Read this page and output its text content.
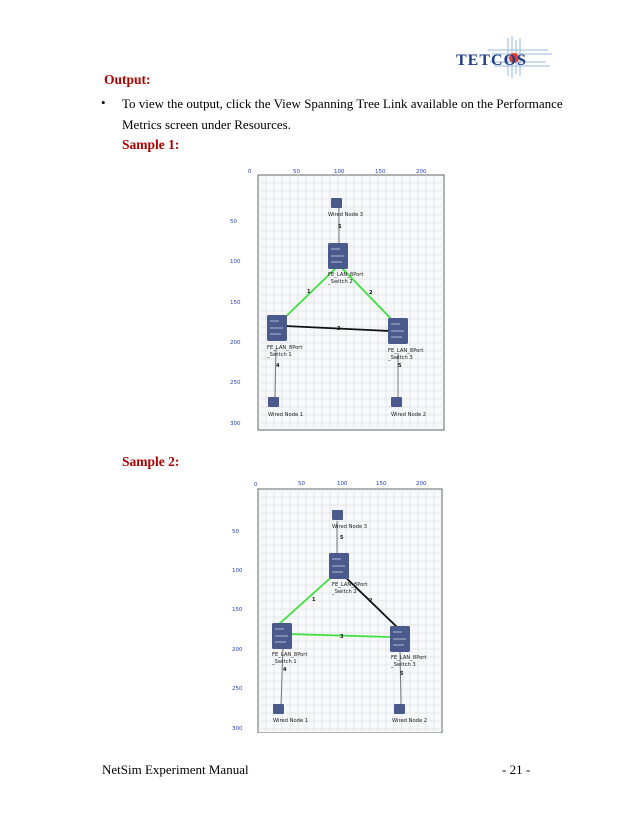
TETCOS
Output:
• To view the output, click the View Spanning Tree Link available on the Performance
Metrics screen under Resources.
Sample 1:
0	50	100	150	200
50
100
150
200
250
300
1	2
3
Wired Node 3
5
FE_LAN_8Port
_Switch 2
FE_LAN_8Port
_Switch 1
FE_LAN_8Port
_Switch 3
5
4
Wired Node 1	Wired Node 2
Sample 2:
0	50	100	150	200
50
100
150
200
250
300
1	2
3
Wired Node 3
5
FE_LAN_8Port
_Switch 2
FE_LAN_8Port
_Switch 1
FE_LAN_8Port
_Switch 3
5
4
Wired Node 1	Wired Node 2
NetSim Experiment Manual	- 21 -
